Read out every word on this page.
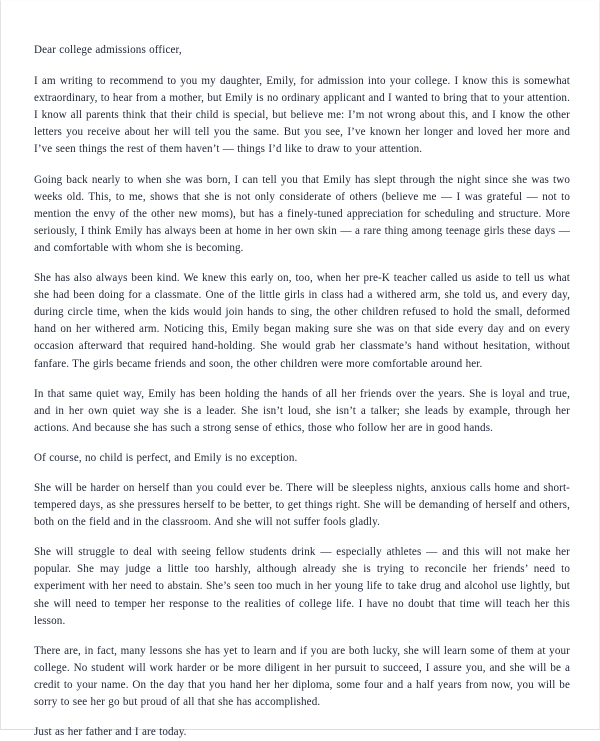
Dear college admissions officer,

I am writing to recommend to you my daughter, Emily, for admission into your college. I know this is somewhat extraordinary, to hear from a mother, but Emily is no ordinary applicant and I wanted to bring that to your attention. I know all parents think that their child is special, but believe me: I’m not wrong about this, and I know the other letters you receive about her will tell you the same. But you see, I’ve known her longer and loved her more and I’ve seen things the rest of them haven’t — things I’d like to draw to your attention.

Going back nearly to when she was born, I can tell you that Emily has slept through the night since she was two weeks old. This, to me, shows that she is not only considerate of others (believe me — I was grateful — not to mention the envy of the other new moms), but has a finely-tuned appreciation for scheduling and structure. More seriously, I think Emily has always been at home in her own skin — a rare thing among teenage girls these days — and comfortable with whom she is becoming.

She has also always been kind. We knew this early on, too, when her pre-K teacher called us aside to tell us what she had been doing for a classmate. One of the little girls in class had a withered arm, she told us, and every day, during circle time, when the kids would join hands to sing, the other children refused to hold the small, deformed hand on her withered arm. Noticing this, Emily began making sure she was on that side every day and on every occasion afterward that required hand-holding. She would grab her classmate’s hand without hesitation, without fanfare. The girls became friends and soon, the other children were more comfortable around her.

In that same quiet way, Emily has been holding the hands of all her friends over the years. She is loyal and true, and in her own quiet way she is a leader. She isn’t loud, she isn’t a talker; she leads by example, through her actions. And because she has such a strong sense of ethics, those who follow her are in good hands.

Of course, no child is perfect, and Emily is no exception.

She will be harder on herself than you could ever be. There will be sleepless nights, anxious calls home and short-tempered days, as she pressures herself to be better, to get things right. She will be demanding of herself and others, both on the field and in the classroom. And she will not suffer fools gladly.

She will struggle to deal with seeing fellow students drink — especially athletes — and this will not make her popular. She may judge a little too harshly, although already she is trying to reconcile her friends’ need to experiment with her need to abstain. She’s seen too much in her young life to take drug and alcohol use lightly, but she will need to temper her response to the realities of college life. I have no doubt that time will teach her this lesson.

There are, in fact, many lessons she has yet to learn and if you are both lucky, she will learn some of them at your college. No student will work harder or be more diligent in her pursuit to succeed, I assure you, and she will be a credit to your name. On the day that you hand her her diploma, some four and a half years from now, you will be sorry to see her go but proud of all that she has accomplished.

Just as her father and I are today.
